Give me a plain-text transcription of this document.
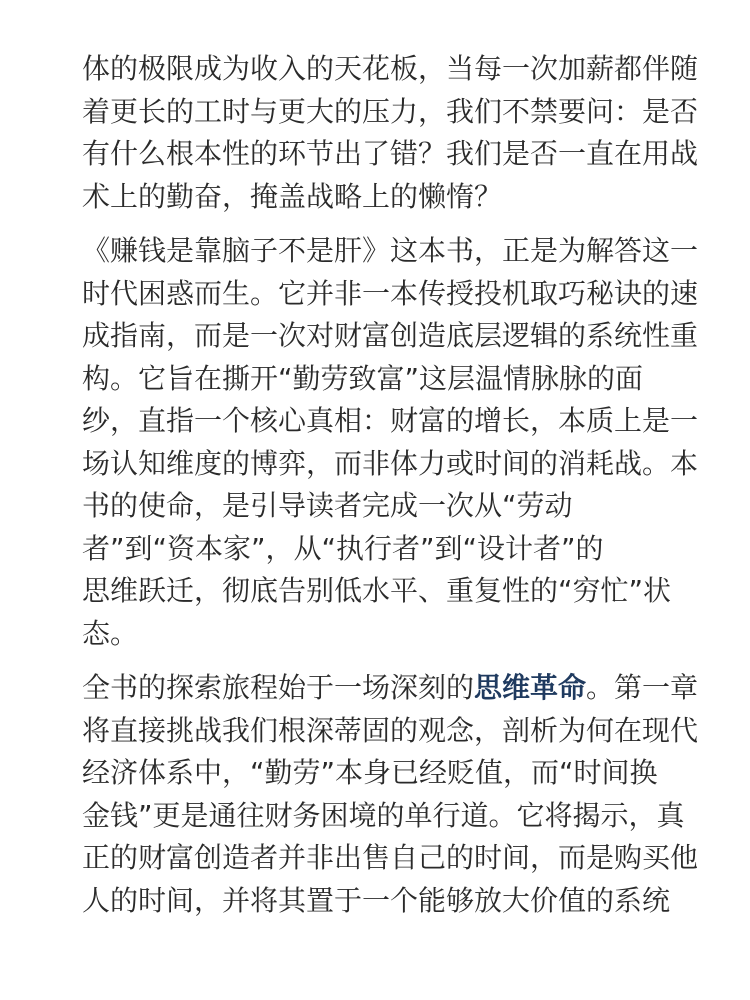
体的极限成为收入的天花板，当每一次加薪都伴随
着更长的工时与更大的压力，我们不禁要问：是否
有什么根本性的环节出了错？我们是否一直在用战
术上的勤奋，掩盖战略上的懒惰？
《赚钱是靠脑子不是肝》这本书，正是为解答这一
时代困惑而生。它并非一本传授投机取巧秘诀的速
成指南，而是一次对财富创造底层逻辑的系统性重
构。它旨在撕开“勤劳致富”这层温情脉脉的面
纱，直指一个核心真相：财富的增长，本质上是一
场认知维度的博弈，而非体力或时间的消耗战。本
书的使命，是引导读者完成一次从“劳动
者”到“资本家”，从“执行者”到“设计者”的
思维跃迁，彻底告别低水平、重复性的“穷忙”状
态。
全书的探索旅程始于一场深刻的思维革命。第一章
将直接挑战我们根深蒂固的观念，剖析为何在现代
经济体系中，“勤劳”本身已经贬值，而“时间换
金钱”更是通往财务困境的单行道。它将揭示，真
正的财富创造者并非出售自己的时间，而是购买他
人的时间，并将其置于一个能够放大价值的系统
